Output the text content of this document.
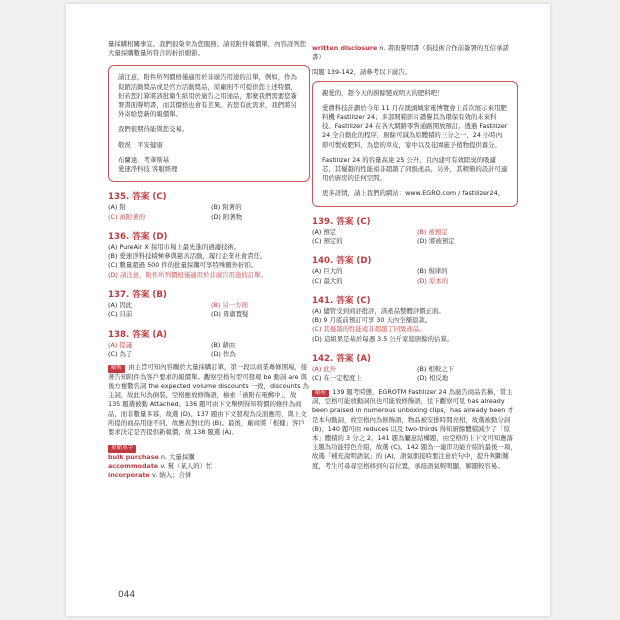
量採購相關事宜。我們很榮幸為您服務。請見附件報價單，內容詳列您大量採購數量所符合的折扣細節。

請注意，附件所列價格僅適用於非廣告用途的訂單，例如，作為促銷活動獎品或是官方活動獎品，原廠則不可提供您上述特價，但若您打算將該批衛生紙用於廣告之用途品，那麼我們需要您簽署書面聲明書，而其價格也會有差異。若您有此需求，我們將另外寄給您新的報價單。

我們很期待能與您交易。

敬祝　平安健康

布蘭達．考華斯基

愛速淨科技 客服經理

135. 答案 (C)
(A) 附	(B) 附著的
(C) 被附著的	(D) 附著物
136. 答案 (D)
(A) PureAir X 採用市場上最先進的過濾技術。
(B) 愛速淨科技積極參與慈善活動，履行企業社會責任。
(C) 數量超過 500 件的批量採購可享特殊額外折扣。
(D) 請注意，附件所列價格僅適用於非廣告用途的訂單。
137. 答案 (B)
(A) 因此	(B) 另一方面
(C) 目前	(D) 毋庸置疑
138. 答案 (A)
(A) 提議	(B) 藉由
(C) 為了	(D) 作為

解析 由主旨可知內容關於大量採購訂單，第一段以商業專條開場，接著告知附件為客戶要求的報價單。觀察空格句型可發現 be 動詞 are 與後方複數名詞 the expected volume discounts 一致，discounts 為主詞，故此句為倒裝，空格應放修飾語，檢索「被附在電郵中」，故 135 題選被動 Attached。136 題可由下文舉例得知特價的條件為商品，而非數量多寡，故選 (D)。137 題由下文發現為反面應用，與上文所提的商品用途不同，故應表對比的 (B)。最後，廠商將「根據」客戶要求決定是否提供新報價，故 138 題選 (A)。

重點單字
bulk purchase n. 大量採購
accommodate v. 幫（某人的）忙
incorporate v. 納入；合併

written disclosure n. 書面聲明書（指技術合作前簽署的互信承諾書）

問題 139-142，請參考以下廣告。

親愛的，趕今天的廚餘變成明天的肥料吧！

愛農科技計劃於今年 11 月在澳頭城家電博覽會上首次展示來用肥料機 Fastilizer 24；多部開箱影片讚譽其為環保有效的未來科技。Fastilizer 24 在各大網路零售通路開放預訂。透過 Fastilizer 24 全自動化的程序，廚餘可減為原體積的三分之一，24 小時內即可製成肥料，為您的草皮，家中以及花園施予植物提供養分。

Fastilizer 24 的容量高達 25 公升，且內建可有效除臭的吸濾芯，其優越的性能遠非超越了同級產品，另外，其精簡的設計可適用於廚房的任何空間。

更多詳情，請上我們的網站：www.EGRO.com / fastilizer24。

139. 答案 (C)
(A) 預定	(B) 被預定
(C) 預定的	(D) 將被預定
140. 答案 (D)
(A) 巨大的	(B) 規律的
(C) 最大的	(D) 原本的
141. 答案 (C)
(A) 儘管受到商評批評，該產品整體評價正面。
(B) 9 月底前預訂可享 30 天內全額退款。
(C) 其優越的性能遠非超越了同級產品。
(D) 這組果是基於每週 3.5 公斤家庭廚餘的估算。
142. 答案 (A)
(A) 此外	(B) 相較之下
(C) 在一定程度上	(D) 相反地

解析 139 題考時態，EGROTM Fastilizer 24 為廣告商品名稱，當主詞，空格可能放動詞但也可能放修飾語，往下觀察可見 has already been praised in numerous unboxing clips，has already been 才是本句動詞，故空格內為修飾語，物品被安排時間亮相，故選被動分詞 (B)；140 題可由 reduces 以及 two-thirds 得知廚餘體積減少了「原本」體積的 3 分之 2。141 題為屬意結構題，由空格的上下文可知應落主題為功能特色介紹，故選 (C)。142 題為一連串功能介紹的最後一項，故選「補充說明語氣」的 (A)，語氣銜接時要注意於句中，提升判斷難度，考生可尋尋空格移到句首位置，承接語氣較明顯，解題較容易。

044
